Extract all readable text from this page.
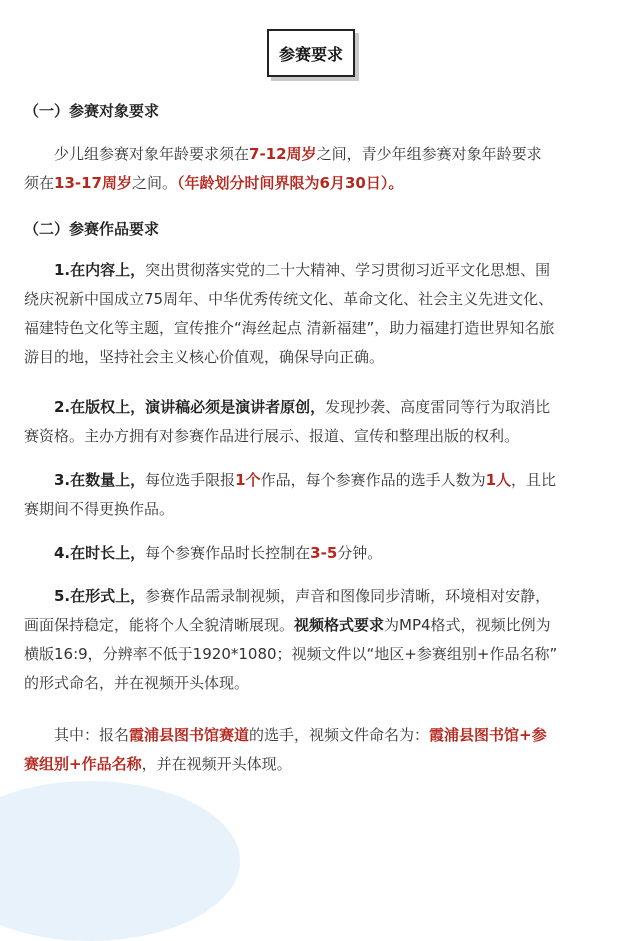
参赛要求
（一）参赛对象要求
少儿组参赛对象年龄要求须在7-12周岁之间，青少年组参赛对象年龄要求
须在13-17周岁之间。（年龄划分时间界限为6月30日）。
（二）参赛作品要求
1.在内容上，突出贯彻落实党的二十大精神、学习贯彻习近平文化思想、围
绕庆祝新中国成立75周年、中华优秀传统文化、革命文化、社会主义先进文化、
福建特色文化等主题，宣传推介“海丝起点 清新福建”，助力福建打造世界知名旅
游目的地，坚持社会主义核心价值观，确保导向正确。
2.在版权上，演讲稿必须是演讲者原创，发现抄袭、高度雷同等行为取消比
赛资格。主办方拥有对参赛作品进行展示、报道、宣传和整理出版的权利。
3.在数量上，每位选手限报1个作品，每个参赛作品的选手人数为1人，且比
赛期间不得更换作品。
4.在时长上，每个参赛作品时长控制在3-5分钟。
5.在形式上，参赛作品需录制视频，声音和图像同步清晰，环境相对安静，
画面保持稳定，能将个人全貌清晰展现。视频格式要求为MP4格式，视频比例为
横版16:9，分辨率不低于1920*1080；视频文件以“地区+参赛组别+作品名称”
的形式命名，并在视频开头体现。
其中：报名霞浦县图书馆赛道的选手，视频文件命名为：霞浦县图书馆+参
赛组别+作品名称，并在视频开头体现。
